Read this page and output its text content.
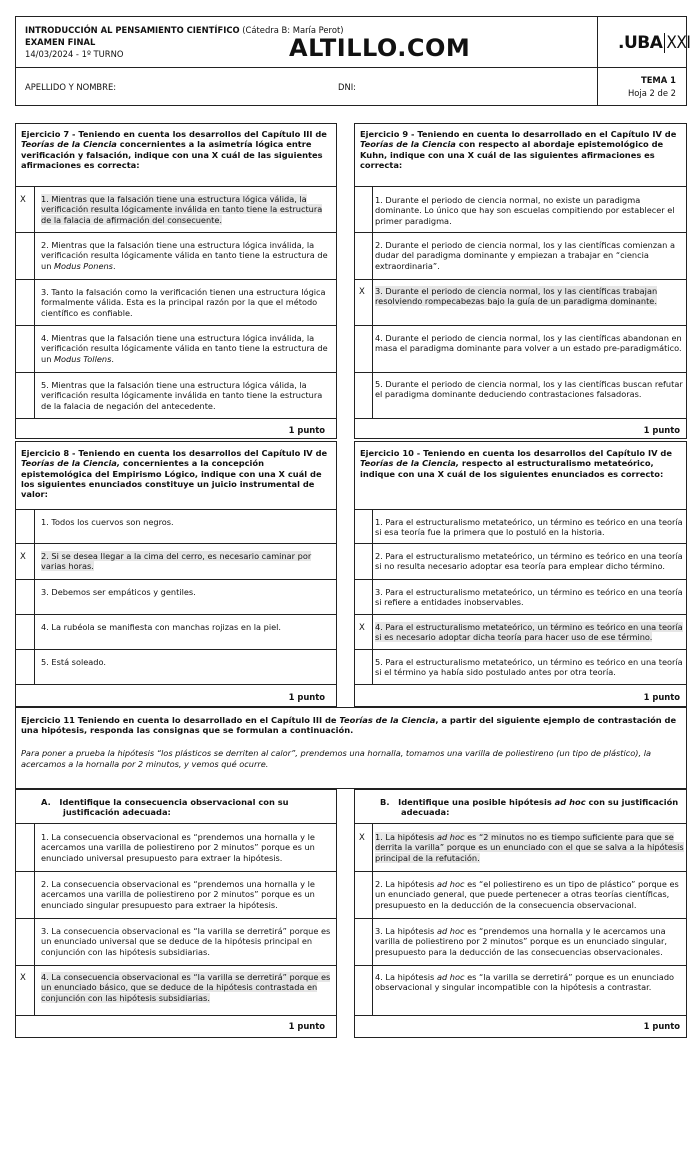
INTRODUCCIÓN AL PENSAMIENTO CIENTÍFICO (Cátedra B: María Perot)
EXAMEN FINAL
14/03/2024 - 1º TURNO	ALTILLO.COM	.UBA XXI
APELLIDO Y NOMBRE:	DNI:
TEMA 1
Hoja 2 de 2
Ejercicio 7 - Teniendo en cuenta los desarrollos del Capítulo III de
Teorías de la Ciencia concernientes a la asimetría lógica entre
verificación y falsación, indique con una X cuál de las siguientes
afirmaciones es correcta:
X 1. Mientras que la falsación tiene una estructura lógica válida, la
verificación resulta lógicamente inválida en tanto tiene la estructura
de la falacia de afirmación del consecuente.
2. Mientras que la falsación tiene una estructura lógica inválida, la
verificación resulta lógicamente válida en tanto tiene la estructura de
un Modus Ponens.
3. Tanto la falsación como la verificación tienen una estructura lógica
formalmente válida. Esta es la principal razón por la que el método
científico es confiable.
4. Mientras que la falsación tiene una estructura lógica inválida, la
verificación resulta lógicamente válida en tanto tiene la estructura de
un Modus Tollens.
5. Mientras que la falsación tiene una estructura lógica válida, la
verificación resulta lógicamente inválida en tanto tiene la estructura
de la falacia de negación del antecedente.
1 punto
Ejercicio 9 - Teniendo en cuenta lo desarrollado en el Capítulo IV de
Teorías de la Ciencia con respecto al abordaje epistemológico de
Kuhn, indique con una X cuál de las siguientes afirmaciones es
correcta:
1. Durante el periodo de ciencia normal, no existe un paradigma
dominante. Lo único que hay son escuelas compitiendo por establecer el
primer paradigma.
2. Durante el periodo de ciencia normal, los y las científicas comienzan a
dudar del paradigma dominante y empiezan a trabajar en “ciencia
extraordinaria”.
X 3. Durante el periodo de ciencia normal, los y las científicas trabajan
resolviendo rompecabezas bajo la guía de un paradigma dominante.
4. Durante el periodo de ciencia normal, los y las científicas abandonan en
masa el paradigma dominante para volver a un estado pre-paradigmático.
5. Durante el periodo de ciencia normal, los y las científicas buscan refutar
el paradigma dominante deduciendo contrastaciones falsadoras.
1 punto
Ejercicio 8 - Teniendo en cuenta los desarrollos del Capítulo IV de
Teorías de la Ciencia, concernientes a la concepción
epistemológica del Empirismo Lógico, indique con una X cuál de
los siguientes enunciados constituye un juicio instrumental de
valor:
1. Todos los cuervos son negros.
X 2. Si se desea llegar a la cima del cerro, es necesario caminar por
varias horas.
3. Debemos ser empáticos y gentiles.
4. La rubéola se manifiesta con manchas rojizas en la piel.
5. Está soleado.
1 punto
Ejercicio 10 - Teniendo en cuenta los desarrollos del Capítulo IV de
Teorías de la Ciencia, respecto al estructuralismo metateórico,
indique con una X cuál de los siguientes enunciados es correcto:
1. Para el estructuralismo metateórico, un término es teórico en una teoría
si esa teoría fue la primera que lo postuló en la historia.
2. Para el estructuralismo metateórico, un término es teórico en una teoría
si no resulta necesario adoptar esa teoría para emplear dicho término.
3. Para el estructuralismo metateórico, un término es teórico en una teoría
si refiere a entidades inobservables.
X 4. Para el estructuralismo metateórico, un término es teórico en una teoría
si es necesario adoptar dicha teoría para hacer uso de ese término.
5. Para el estructuralismo metateórico, un término es teórico en una teoría
si el término ya había sido postulado antes por otra teoría.
1 punto
Ejercicio 11 Teniendo en cuenta lo desarrollado en el Capítulo III de Teorías de la Ciencia, a partir del siguiente ejemplo de contrastación de
una hipótesis, responda las consignas que se formulan a continuación.
Para poner a prueba la hipótesis “los plásticos se derriten al calor”, prendemos una hornalla, tomamos una varilla de poliestireno (un tipo de plástico), la
acercamos a la hornalla por 2 minutos, y vemos qué ocurre.
A. Identifique la consecuencia observacional con su
justificación adecuada:
1. La consecuencia observacional es “prendemos una hornalla y le
acercamos una varilla de poliestireno por 2 minutos” porque es un
enunciado universal presupuesto para extraer la hipótesis.
2. La consecuencia observacional es “prendemos una hornalla y le
acercamos una varilla de poliestireno por 2 minutos” porque es un
enunciado singular presupuesto para extraer la hipótesis.
3. La consecuencia observacional es “la varilla se derretirá” porque es
un enunciado universal que se deduce de la hipótesis principal en
conjunción con las hipótesis subsidiarias.
X 4. La consecuencia observacional es “la varilla se derretirá” porque es
un enunciado básico, que se deduce de la hipótesis contrastada en
conjunción con las hipótesis subsidiarias.
1 punto
B. Identifique una posible hipótesis ad hoc con su justificación
adecuada:
X 1. La hipótesis ad hoc es “2 minutos no es tiempo suficiente para que se
derrita la varilla” porque es un enunciado con el que se salva a la hipótesis
principal de la refutación.
2. La hipótesis ad hoc es “el poliestireno es un tipo de plástico” porque es
un enunciado general, que puede pertenecer a otras teorías científicas,
presupuesto en la deducción de la consecuencia observacional.
3. La hipótesis ad hoc es “prendemos una hornalla y le acercamos una
varilla de poliestireno por 2 minutos” porque es un enunciado singular,
presupuesto para la deducción de las consecuencias observacionales.
4. La hipótesis ad hoc es “la varilla se derretirá” porque es un enunciado
observacional y singular incompatible con la hipótesis a contrastar.
1 punto
